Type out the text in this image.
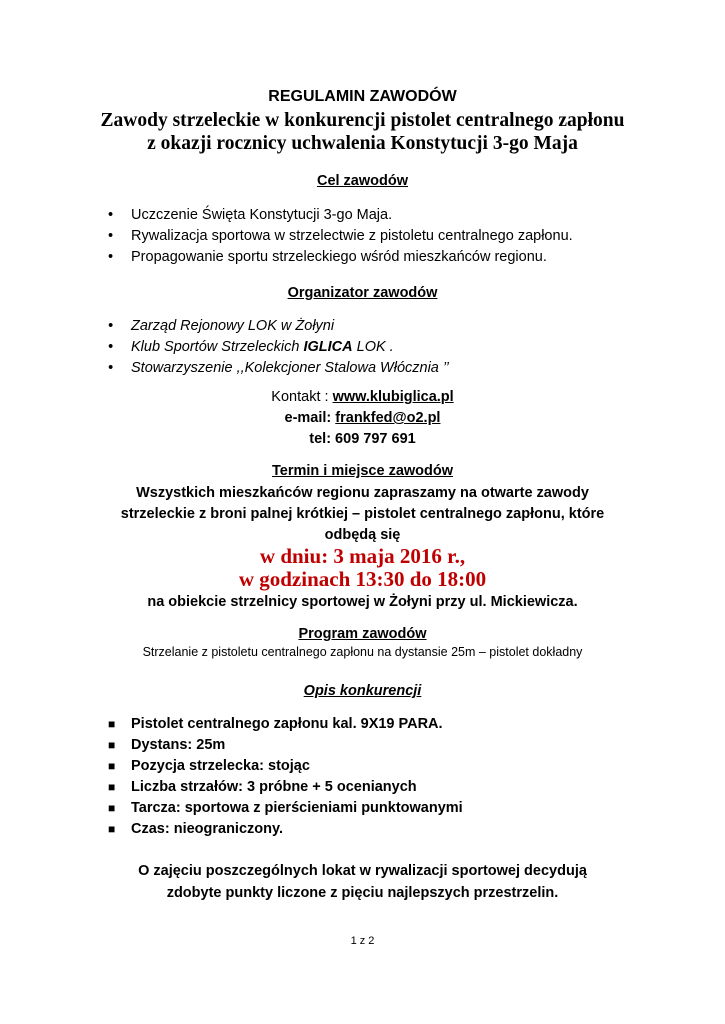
REGULAMIN ZAWODÓW
Zawody strzeleckie w konkurencji pistolet centralnego zapłonu
z okazji rocznicy uchwalenia Konstytucji 3-go Maja
Cel zawodów
•	Uczczenie Święta Konstytucji 3-go Maja.
•	Rywalizacja sportowa w strzelectwie z pistoletu centralnego zapłonu.
•	Propagowanie sportu strzeleckiego wśród mieszkańców regionu.
Organizator zawodów
•	Zarząd Rejonowy LOK w Żołyni
•	Klub Sportów Strzeleckich IGLICA LOK .
•	Stowarzyszenie ,,Kolekcjoner Stalowa Włócznia ’’
Kontakt : www.klubiglica.pl
e-mail: frankfed@o2.pl
tel: 609 797 691
Termin i miejsce zawodów
Wszystkich mieszkańców regionu zapraszamy na otwarte zawody
strzeleckie z broni palnej krótkiej – pistolet centralnego zapłonu, które
odbędą się
w dniu: 3 maja 2016 r.,
w godzinach 13:30 do 18:00
na obiekcie strzelnicy sportowej w Żołyni przy ul. Mickiewicza.
Program zawodów
Strzelanie z pistoletu centralnego zapłonu na dystansie 25m – pistolet dokładny
Opis konkurencji
■	Pistolet centralnego zapłonu kal. 9X19 PARA.
■	Dystans: 25m
■	Pozycja strzelecka: stojąc
■	Liczba strzałów: 3 próbne + 5 ocenianych
■	Tarcza: sportowa z pierścieniami punktowanymi
■	Czas: nieograniczony.
O zajęciu poszczególnych lokat w rywalizacji sportowej decydują
zdobyte punkty liczone z pięciu najlepszych przestrzelin.
1 z 2
